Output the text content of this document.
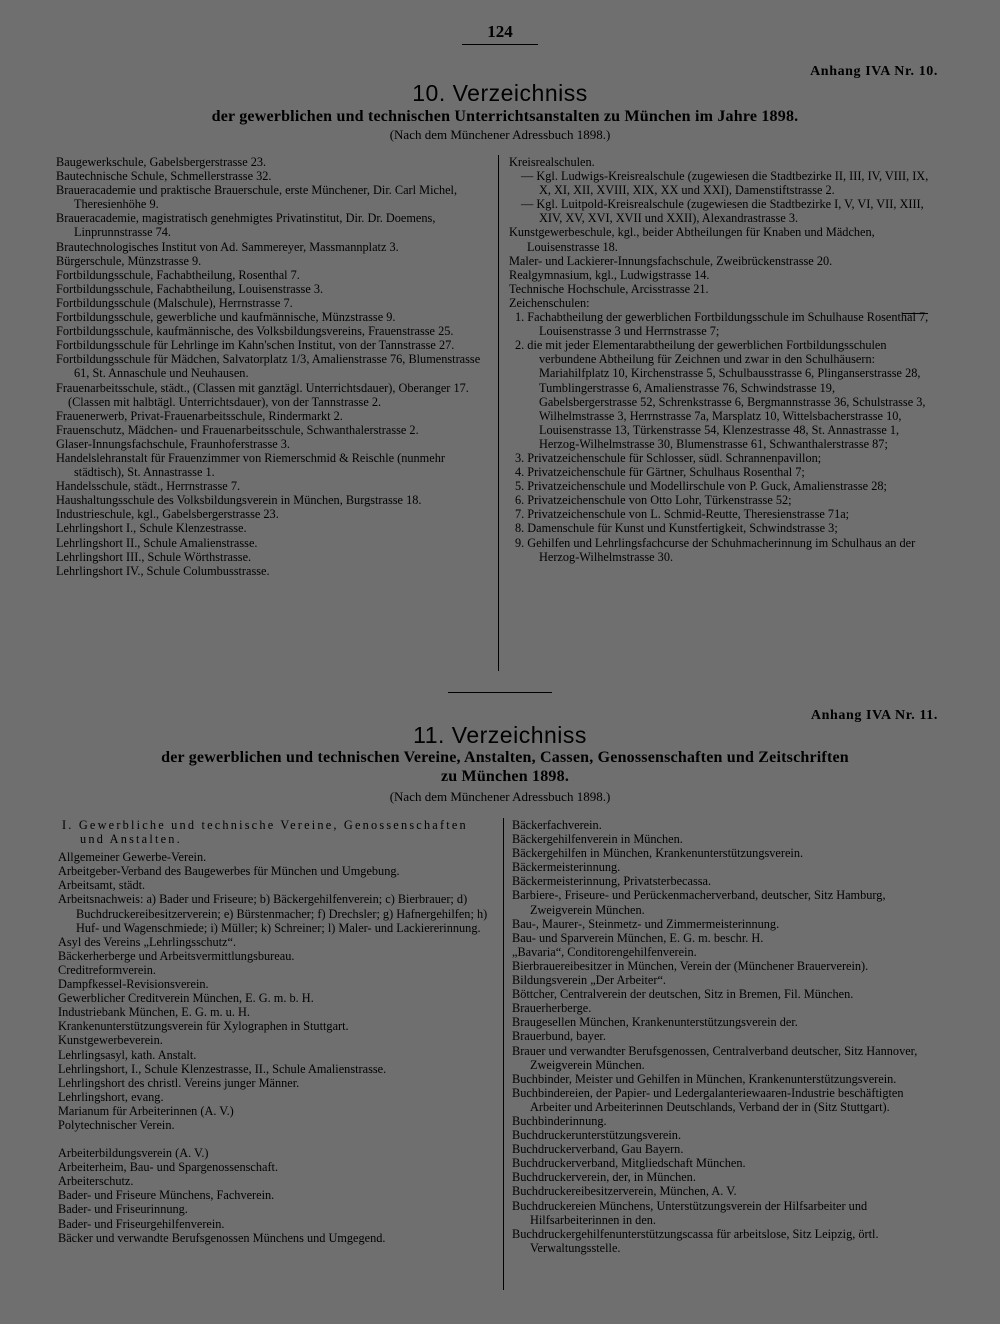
124
Anhang IVA Nr. 10.
10. Verzeichniss
der gewerblichen und technischen Unterrichtsanstalten zu München im Jahre 1898.
(Nach dem Münchener Adressbuch 1898.)
Baugewerkschule, Gabelsbergerstrasse 23.
Bautechnische Schule, Schmellerstrasse 32.
Braueracademie und praktische Brauerschule, erste Münchener, Dir. Carl Michel, Theresienhöhe 9.
Braueracademie, magistratisch genehmigtes Privatinstitut, Dir. Dr. Doemens, Linprunnstrasse 74.
Brautechnologisches Institut von Ad. Sammereyer, Massmannplatz 3.
Bürgerschule, Münzstrasse 9.
Fortbildungsschule, Fachabtheilung, Rosenthal 7.
Fortbildungsschule, Fachabtheilung, Louisenstrasse 3.
Fortbildungsschule (Malschule), Herrnstrasse 7.
Fortbildungsschule, gewerbliche und kaufmännische, Münzstrasse 9.
Fortbildungsschule, kaufmännische, des Volksbildungsvereins, Frauenstrasse 25.
Fortbildungsschule für Lehrlinge im Kahn'schen Institut, von der Tannstrasse 27.
Fortbildungsschule für Mädchen, Salvatorplatz 1/3, Amalienstrasse 76, Blumenstrasse 61, St. Annaschule und Neuhausen.
Frauenarbeitsschule, städt., (Classen mit ganztägl. Unterrichtsdauer), Oberanger 17.
(Classen mit halbtägl. Unterrichtsdauer), von der Tannstrasse 2.
Frauenerwerb, Privat-Frauenarbeitsschule, Rindermarkt 2.
Frauenschutz, Mädchen- und Frauenarbeitsschule, Schwanthalerstrasse 2.
Glaser-Innungsfachschule, Fraunhoferstrasse 3.
Handelslehranstalt für Frauenzimmer von Riemerschmid & Reischle (nunmehr städtisch), St. Annastrasse 1.
Handelsschule, städt., Herrnstrasse 7.
Haushaltungsschule des Volksbildungsverein in München, Burgstrasse 18.
Industrieschule, kgl., Gabelsbergerstrasse 23.
Lehrlingshort I., Schule Klenzestrasse.
Lehrlingshort II., Schule Amalienstrasse.
Lehrlingshort III., Schule Wörthstrasse.
Lehrlingshort IV., Schule Columbusstrasse.
Kreisrealschulen.
— Kgl. Ludwigs-Kreisrealschule (zugewiesen die Stadtbezirke II, III, IV, VIII, IX, X, XI, XII, XVIII, XIX, XX und XXI), Damenstiftstrasse 2.
— Kgl. Luitpold-Kreisrealschule (zugewiesen die Stadtbezirke I, V, VI, VII, XIII, XIV, XV, XVI, XVII und XXII), Alexandrastrasse 3.
Kunstgewerbeschule, kgl., beider Abtheilungen für Knaben und Mädchen, Louisenstrasse 18.
Maler- und Lackierer-Innungsfachschule, Zweibrückenstrasse 20.
Realgymnasium, kgl., Ludwigstrasse 14.
Technische Hochschule, Arcisstrasse 21.
Zeichenschulen:
1. Fachabtheilung der gewerblichen Fortbildungsschule im Schulhause Rosenthal 7, Louisenstrasse 3 und Herrnstrasse 7;
2. die mit jeder Elementarabtheilung der gewerblichen Fortbildungsschulen verbundene Abtheilung für Zeichnen und zwar in den Schulhäusern: Mariahilfplatz 10, Kirchenstrasse 5, Schulbausstrasse 6, Plinganserstrasse 28, Tumblingerstrasse 6, Amalienstrasse 76, Schwindstrasse 19, Gabelsbergerstrasse 52, Schrenkstrasse 6, Bergmannstrasse 36, Schulstrasse 3, Wilhelmstrasse 3, Herrnstrasse 7a, Marsplatz 10, Wittelsbacherstrasse 10, Louisenstrasse 13, Türkenstrasse 54, Klenzestrasse 48, St. Annastrasse 1, Herzog-Wilhelmstrasse 30, Blumenstrasse 61, Schwanthalerstrasse 87;
3. Privatzeichenschule für Schlosser, südl. Schrannenpavillon;
4. Privatzeichenschule für Gärtner, Schulhaus Rosenthal 7;
5. Privatzeichenschule und Modellirschule von P. Guck, Amalienstrasse 28;
6. Privatzeichenschule von Otto Lohr, Türkenstrasse 52;
7. Privatzeichenschule von L. Schmid-Reutte, Theresienstrasse 71a;
8. Damenschule für Kunst und Kunstfertigkeit, Schwindstrasse 3;
9. Gehilfen und Lehrlingsfachcurse der Schuhmacherinnung im Schulhaus an der Herzog-Wilhelmstrasse 30.
Anhang IVA Nr. 11.
11. Verzeichniss
der gewerblichen und technischen Vereine, Anstalten, Cassen, Genossenschaften und Zeitschriften
zu München 1898.
(Nach dem Münchener Adressbuch 1898.)
I. Gewerbliche und technische Vereine, Genossenschaften und Anstalten.
Allgemeiner Gewerbe-Verein.
Arbeitgeber-Verband des Baugewerbes für München und Umgebung.
Arbeitsamt, städt.
Arbeitsnachweis: a) Bader und Friseure; b) Bäckergehilfenverein; c) Bierbrauer; d) Buchdruckereibesitzerverein; e) Bürstenmacher; f) Drechsler; g) Hafnergehilfen; h) Huf- und Wagenschmiede; i) Müller; k) Schreiner; l) Maler- und Lackiererinnung.
Asyl des Vereins „Lehrlingsschutz“.
Bäckerherberge und Arbeitsvermittlungsbureau.
Creditreformverein.
Dampfkessel-Revisionsverein.
Gewerblicher Creditverein München, E. G. m. b. H.
Industriebank München, E. G. m. u. H.
Krankenunterstützungsverein für Xylographen in Stuttgart.
Kunstgewerbeverein.
Lehrlingsasyl, kath. Anstalt.
Lehrlingshort, I., Schule Klenzestrasse, II., Schule Amalienstrasse.
Lehrlingshort des christl. Vereins junger Männer.
Lehrlingshort, evang.
Marianum für Arbeiterinnen (A. V.)
Polytechnischer Verein.
Arbeiterbildungsverein (A. V.)
Arbeiterheim, Bau- und Spargenossenschaft.
Arbeiterschutz.
Bader- und Friseure Münchens, Fachverein.
Bader- und Friseurinnung.
Bader- und Friseurgehilfenverein.
Bäcker und verwandte Berufsgenossen Münchens und Umgegend.
Bäckerfachverein.
Bäckergehilfenverein in München.
Bäckergehilfen in München, Krankenunterstützungsverein.
Bäckermeisterinnung.
Bäckermeisterinnung, Privatsterbecassa.
Barbiere-, Friseure- und Perückenmacherverband, deutscher, Sitz Hamburg, Zweigverein München.
Bau-, Maurer-, Steinmetz- und Zimmermeisterinnung.
Bau- und Sparverein München, E. G. m. beschr. H.
„Bavaria“, Conditorengehilfenverein.
Bierbrauereibesitzer in München, Verein der (Münchener Brauerverein).
Bildungsverein „Der Arbeiter“.
Böttcher, Centralverein der deutschen, Sitz in Bremen, Fil. München.
Brauerherberge.
Braugesellen München, Krankenunterstützungsverein der.
Brauerbund, bayer.
Brauer und verwandter Berufsgenossen, Centralverband deutscher, Sitz Hannover, Zweigverein München.
Buchbinder, Meister und Gehilfen in München, Krankenunterstützungsverein.
Buchbindereien, der Papier- und Ledergalanteriewaaren-Industrie beschäftigten Arbeiter und Arbeiterinnen Deutschlands, Verband der in (Sitz Stuttgart).
Buchbinderinnung.
Buchdruckerunterstützungsverein.
Buchdruckerverband, Gau Bayern.
Buchdruckerverband, Mitgliedschaft München.
Buchdruckerverein, der, in München.
Buchdruckereibesitzerverein, München, A. V.
Buchdruckereien Münchens, Unterstützungsverein der Hilfsarbeiter und Hilfsarbeiterinnen in den.
Buchdruckergehilfenunterstützungscassa für arbeitslose, Sitz Leipzig, örtl. Verwaltungsstelle.
